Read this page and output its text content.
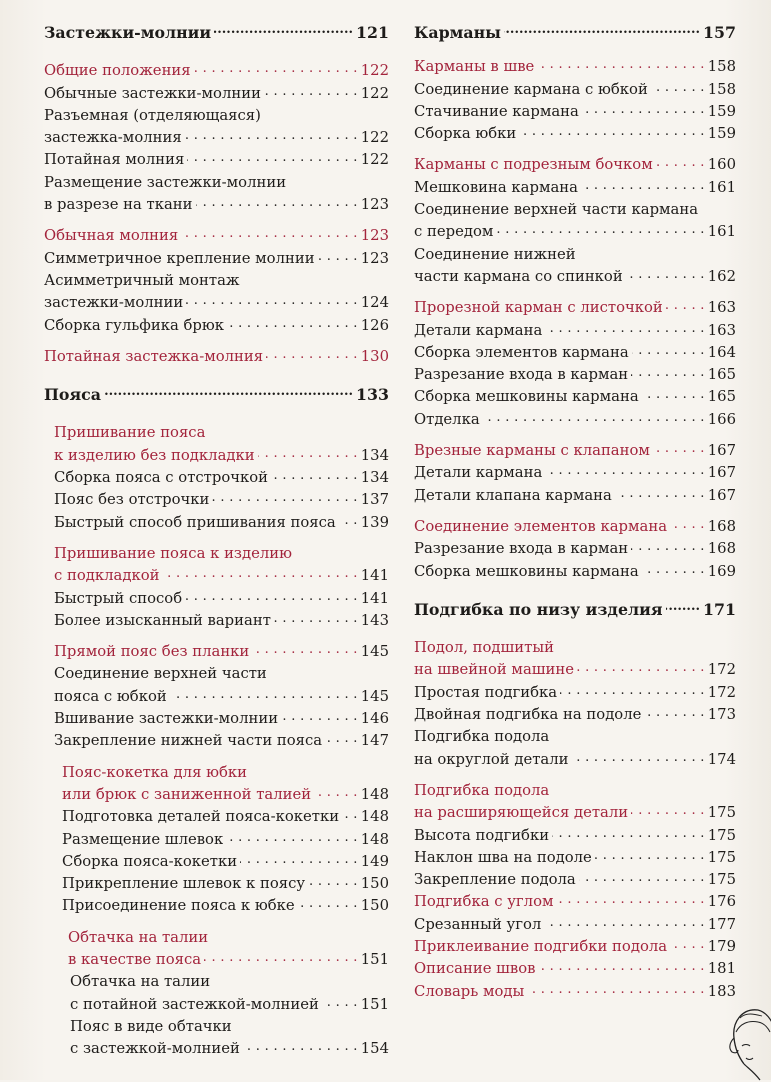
Застежки-молнии .....	121
Общие положения . . .	122
Обычные застежки-молнии . . .	122
Разъемная (отделяющаяся)
застежка-молния . . .	122
Потайная молния . . .	122
Размещение застежки-молнии
в разрезе на ткани . . .	123
Обычная молния . . .	123
Симметричное крепление молнии . . .	123
Асимметричный монтаж
застежки-молнии . . .	124
Сборка гульфика брюк . . .	126
Потайная застежка-молния . . .	130
Пояса .....	133
Пришивание пояса
к изделию без подкладки . . .	134
Сборка пояса с отстрочкой . . .	134
Пояс без отстрочки . . .	137
Быстрый способ пришивания пояса . . . 139
Пришивание пояса к изделию
с подкладкой . . .	141
Быстрый способ . . .	141
Более изысканный вариант . . .	143
Прямой пояс без планки . . .	145
Соединение верхней части
пояса с юбкой . . .	145
Вшивание застежки-молнии . . .	146
Закрепление нижней части пояса . . .	147
Пояс-кокетка для юбки
или брюк с заниженной талией . . .	148
Подготовка деталей пояса-кокетки . . . 148
Размещение шлевок . . .	148
Сборка пояса-кокетки . . .	149
Прикрепление шлевок к поясу . . .	150
Присоединение пояса к юбке . . .	150
Обтачка на талии
в качестве пояса . . .	151
Обтачка на талии
с потайной застежкой-молнией . . .	151
Пояс в виде обтачки
с застежкой-молнией . . .	154
Карманы .....	157
Карманы в шве . . .	158
Соединение кармана с юбкой . . .	158
Стачивание кармана . . .	159
Сборка юбки . . .	159
Карманы с подрезным бочком . . .	160
Мешковина кармана . . .	161
Соединение верхней части кармана
с передом . . .	161
Соединение нижней
части кармана со спинкой . . .	162
Прорезной карман с листочкой . . .	163
Детали кармана . . .	163
Сборка элементов кармана . . .	164
Разрезание входа в карман . . .	165
Сборка мешковины кармана . . .	165
Отделка . . .	166
Врезные карманы с клапаном . . .	167
Детали кармана . . .	167
Детали клапана кармана . . .	167
Соединение элементов кармана . . .	168
Разрезание входа в карман . . .	168
Сборка мешковины кармана . . .	169
Подгибка по низу изделия .....	171
Подол, подшитый
на швейной машине . . .	172
Простая подгибка . . .	172
Двойная подгибка на подоле . . .	173
Подгибка подола
на округлой детали . . .	174
Подгибка подола
на расширяющейся детали . . .	175
Высота подгибки . . .	175
Наклон шва на подоле . . .	175
Закрепление подола . . .	175
Подгибка с углом . . .	176
Срезанный угол . . .	177
Приклеивание подгибки подола . . .	179
Описание швов . . .	181
Словарь моды . . .	183
